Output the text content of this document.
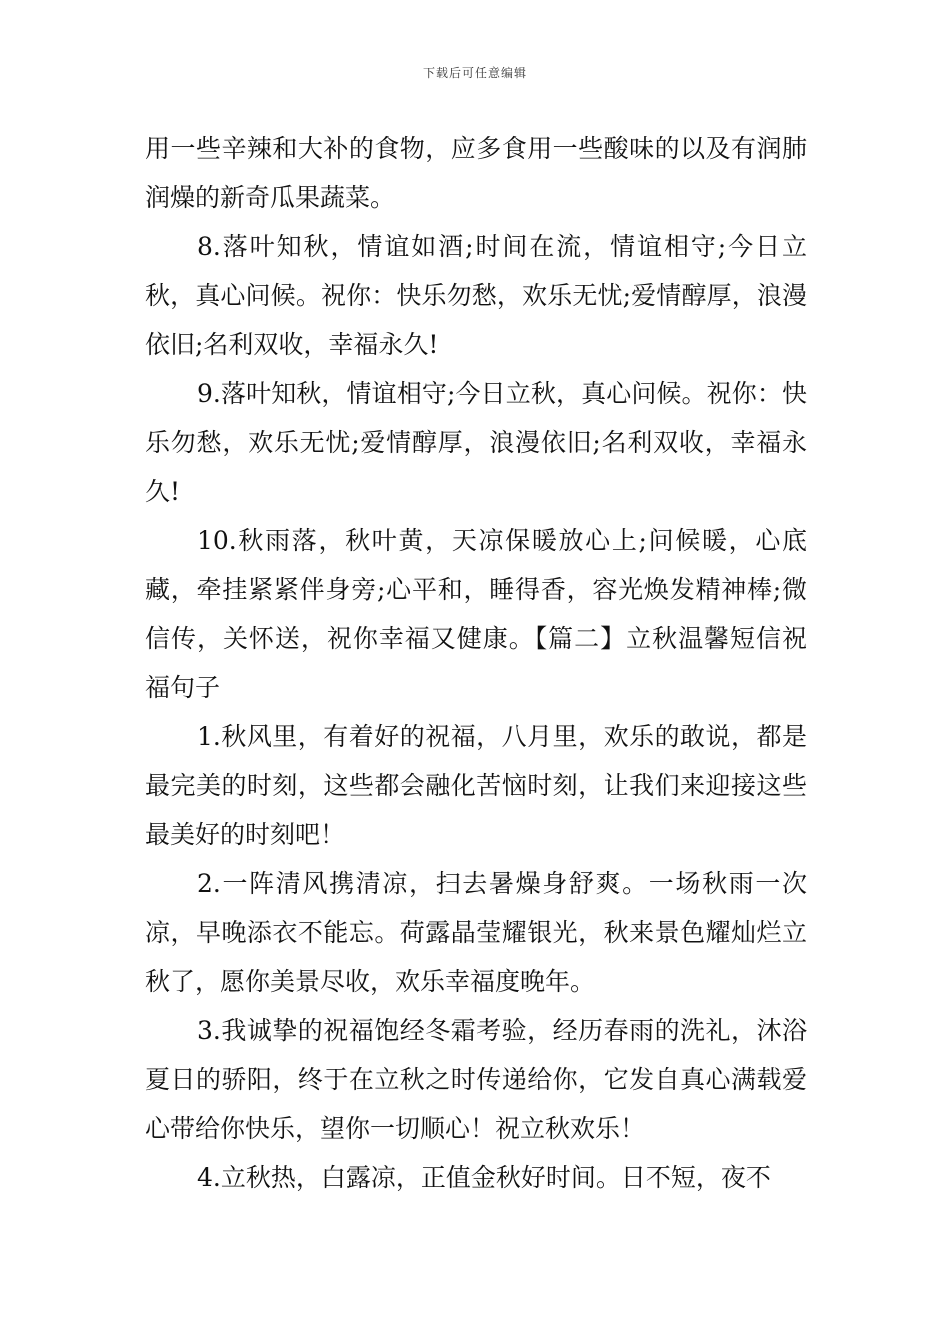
下载后可任意编辑

用一些辛辣和大补的食物，应多食用一些酸味的以及有润肺润燥的新奇瓜果蔬菜。

8.落叶知秋，情谊如酒;时间在流，情谊相守;今日立秋，真心问候。祝你：快乐勿愁，欢乐无忧;爱情醇厚，浪漫依旧;名利双收，幸福永久!

9.落叶知秋，情谊相守;今日立秋，真心问候。祝你：快乐勿愁，欢乐无忧;爱情醇厚，浪漫依旧;名利双收，幸福永久!

10.秋雨落，秋叶黄，天凉保暖放心上;问候暖，心底藏，牵挂紧紧伴身旁;心平和，睡得香，容光焕发精神棒;微信传，关怀送，祝你幸福又健康。【篇二】立秋温馨短信祝福句子

1.秋风里，有着好的祝福，八月里，欢乐的敢说，都是最完美的时刻，这些都会融化苦恼时刻，让我们来迎接这些最美好的时刻吧！

2.一阵清风携清凉，扫去暑燥身舒爽。一场秋雨一次凉，早晚添衣不能忘。荷露晶莹耀银光，秋来景色耀灿烂立秋了，愿你美景尽收，欢乐幸福度晚年。

3.我诚挚的祝福饱经冬霜考验，经历春雨的洗礼，沐浴夏日的骄阳，终于在立秋之时传递给你，它发自真心满载爱心带给你快乐，望你一切顺心！祝立秋欢乐！

4.立秋热，白露凉，正值金秋好时间。日不短，夜不
